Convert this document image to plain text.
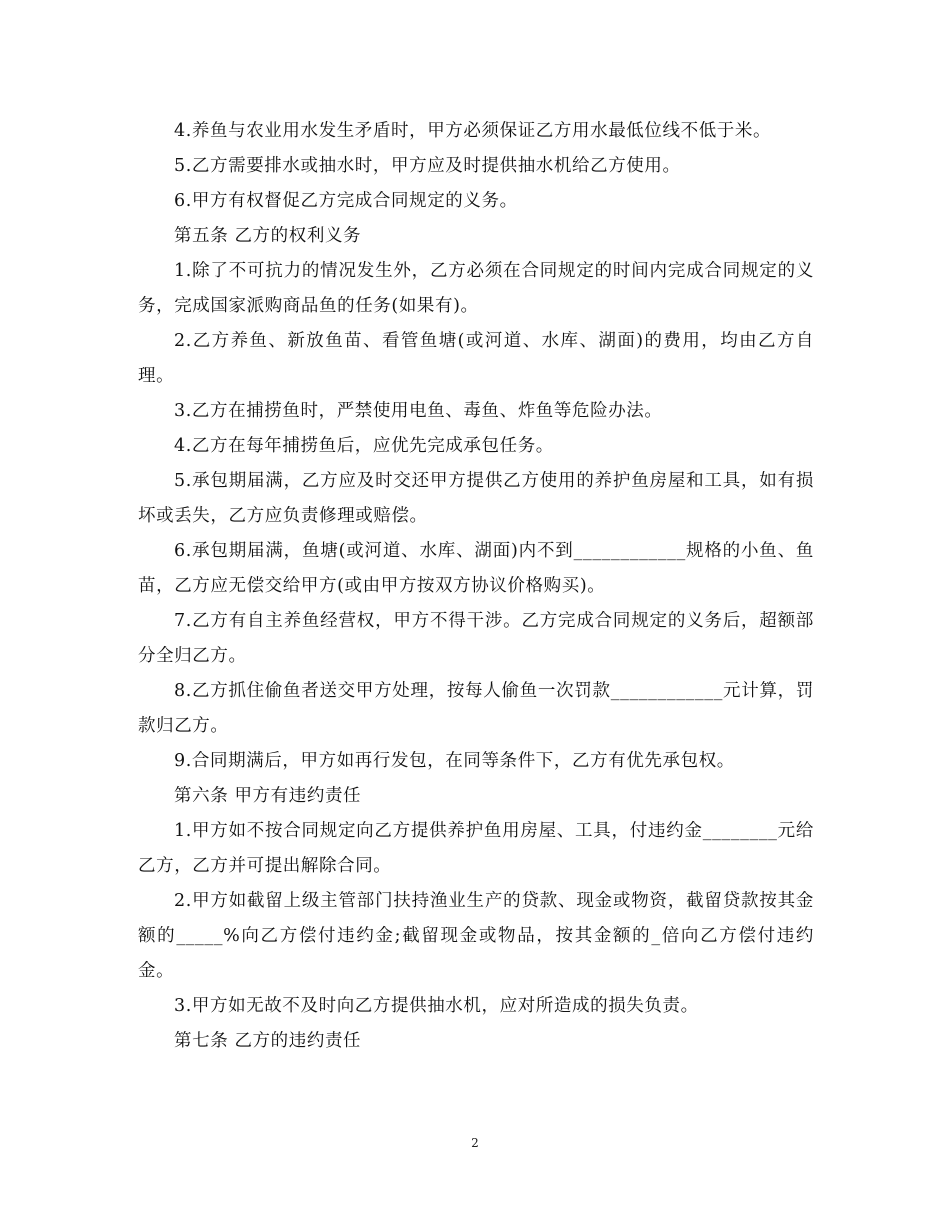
4.养鱼与农业用水发生矛盾时，甲方必须保证乙方用水最低位线不低于米。

5.乙方需要排水或抽水时，甲方应及时提供抽水机给乙方使用。

6.甲方有权督促乙方完成合同规定的义务。

第五条 乙方的权利义务

1.除了不可抗力的情况发生外，乙方必须在合同规定的时间内完成合同规定的义务，完成国家派购商品鱼的任务(如果有)。

2.乙方养鱼、新放鱼苗、看管鱼塘(或河道、水库、湖面)的费用，均由乙方自理。

3.乙方在捕捞鱼时，严禁使用电鱼、毒鱼、炸鱼等危险办法。

4.乙方在每年捕捞鱼后，应优先完成承包任务。

5.承包期届满，乙方应及时交还甲方提供乙方使用的养护鱼房屋和工具，如有损坏或丢失，乙方应负责修理或赔偿。

6.承包期届满，鱼塘(或河道、水库、湖面)内不到____________规格的小鱼、鱼苗，乙方应无偿交给甲方(或由甲方按双方协议价格购买)。

7.乙方有自主养鱼经营权，甲方不得干涉。乙方完成合同规定的义务后，超额部分全归乙方。

8.乙方抓住偷鱼者送交甲方处理，按每人偷鱼一次罚款____________元计算，罚款归乙方。

9.合同期满后，甲方如再行发包，在同等条件下，乙方有优先承包权。

第六条 甲方有违约责任

1.甲方如不按合同规定向乙方提供养护鱼用房屋、工具，付违约金________元给乙方，乙方并可提出解除合同。

2.甲方如截留上级主管部门扶持渔业生产的贷款、现金或物资，截留贷款按其金额的_____%向乙方偿付违约金;截留现金或物品，按其金额的_倍向乙方偿付违约金。

3.甲方如无故不及时向乙方提供抽水机，应对所造成的损失负责。

第七条 乙方的违约责任

2
